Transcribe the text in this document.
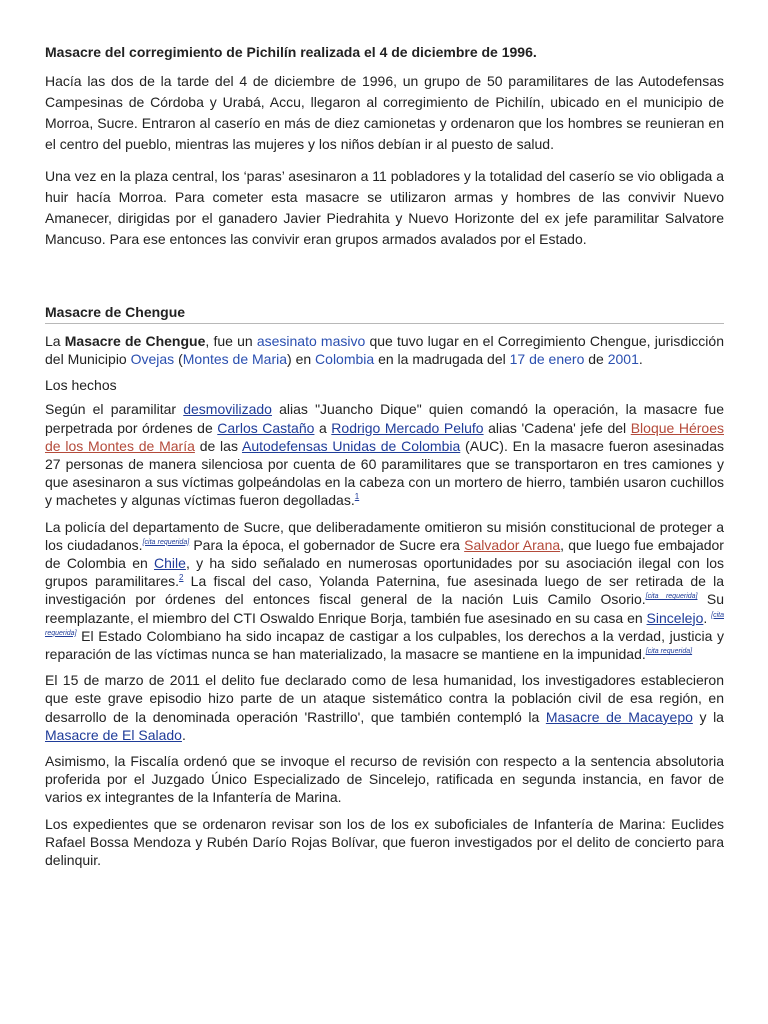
Masacre del corregimiento de Pichilín realizada el 4 de diciembre de 1996.

Hacía las dos de la tarde del 4 de diciembre de 1996, un grupo de 50 paramilitares de las Autodefensas Campesinas de Córdoba y Urabá, Accu, llegaron al corregimiento de Pichilín, ubicado en el municipio de Morroa, Sucre. Entraron al caserío en más de diez camionetas y ordenaron que los hombres se reunieran en el centro del pueblo, mientras las mujeres y los niños debían ir al puesto de salud.

Una vez en la plaza central, los ‘paras’ asesinaron a 11 pobladores y la totalidad del caserío se vio obligada a huir hacía Morroa. Para cometer esta masacre se utilizaron armas y hombres de las convivir Nuevo Amanecer, dirigidas por el ganadero Javier Piedrahita y Nuevo Horizonte del ex jefe paramilitar Salvatore Mancuso. Para ese entonces las convivir eran grupos armados avalados por el Estado.

Masacre de Chengue

La Masacre de Chengue, fue un asesinato masivo que tuvo lugar en el Corregimiento Chengue, jurisdicción del Municipio Ovejas (Montes de Maria) en Colombia en la madrugada del 17 de enero de 2001.

Los hechos

Según el paramilitar desmovilizado alias "Juancho Dique" quien comandó la operación, la masacre fue perpetrada por órdenes de Carlos Castaño a Rodrigo Mercado Pelufo alias 'Cadena' jefe del Bloque Héroes de los Montes de María de las Autodefensas Unidas de Colombia (AUC). En la masacre fueron asesinadas 27 personas de manera silenciosa por cuenta de 60 paramilitares que se transportaron en tres camiones y que asesinaron a sus víctimas golpeándolas en la cabeza con un mortero de hierro, también usaron cuchillos y machetes y algunas víctimas fueron degolladas.$^1$

La policía del departamento de Sucre, que deliberadamente omitieron su misión constitucional de proteger a los ciudadanos.[cita requerida] Para la época, el gobernador de Sucre era Salvador Arana, que luego fue embajador de Colombia en Chile, y ha sido señalado en numerosas oportunidades por su asociación ilegal con los grupos paramilitares.$^2$ La fiscal del caso, Yolanda Paternina, fue asesinada luego de ser retirada de la investigación por órdenes del entonces fiscal general de la nación Luis Camilo Osorio.[cita requerida] Su reemplazante, el miembro del CTI Oswaldo Enrique Borja, también fue asesinado en su casa en Sincelejo. [cita requerida] El Estado Colombiano ha sido incapaz de castigar a los culpables, los derechos a la verdad, justicia y reparación de las víctimas nunca se han materializado, la masacre se mantiene en la impunidad.[cita requerida]

El 15 de marzo de 2011 el delito fue declarado como de lesa humanidad, los investigadores establecieron que este grave episodio hizo parte de un ataque sistemático contra la población civil de esa región, en desarrollo de la denominada operación 'Rastrillo', que también contempló la Masacre de Macayepo y la Masacre de El Salado.

Asimismo, la Fiscalía ordenó que se invoque el recurso de revisión con respecto a la sentencia absolutoria proferida por el Juzgado Único Especializado de Sincelejo, ratificada en segunda instancia, en favor de varios ex integrantes de la Infantería de Marina.

Los expedientes que se ordenaron revisar son los de los ex suboficiales de Infantería de Marina: Euclides Rafael Bossa Mendoza y Rubén Darío Rojas Bolívar, que fueron investigados por el delito de concierto para delinquir.
